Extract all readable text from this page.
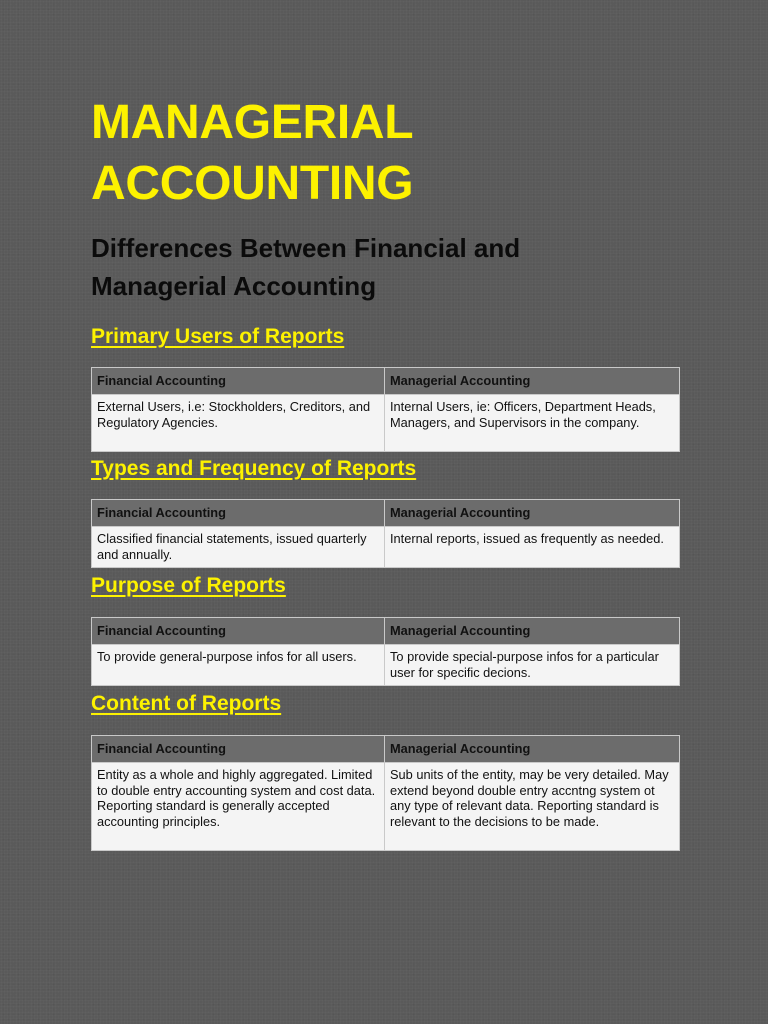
MANAGERIAL ACCOUNTING
Differences Between Financial and Managerial Accounting
Primary Users of Reports
Financial Accounting	Managerial Accounting
External Users, i.e: Stockholders, Creditors, and Regulatory Agencies.	Internal Users, ie: Officers, Department Heads, Managers, and Supervisors in the company.
Types and Frequency of Reports
Financial Accounting	Managerial Accounting
Classified financial statements, issued quarterly and annually.	Internal reports, issued as frequently as needed.
Purpose of Reports
Financial Accounting	Managerial Accounting
To provide general-purpose infos for all users.	To provide special-purpose infos for a particular user for specific decions.
Content of Reports
Financial Accounting	Managerial Accounting
Entity as a whole and highly aggregated. Limited to double entry accounting system and cost data. Reporting standard is generally accepted accounting principles.	Sub units of the entity, may be very detailed. May extend beyond double entry accntng system ot any type of relevant data. Reporting standard is relevant to the decisions to be made.
